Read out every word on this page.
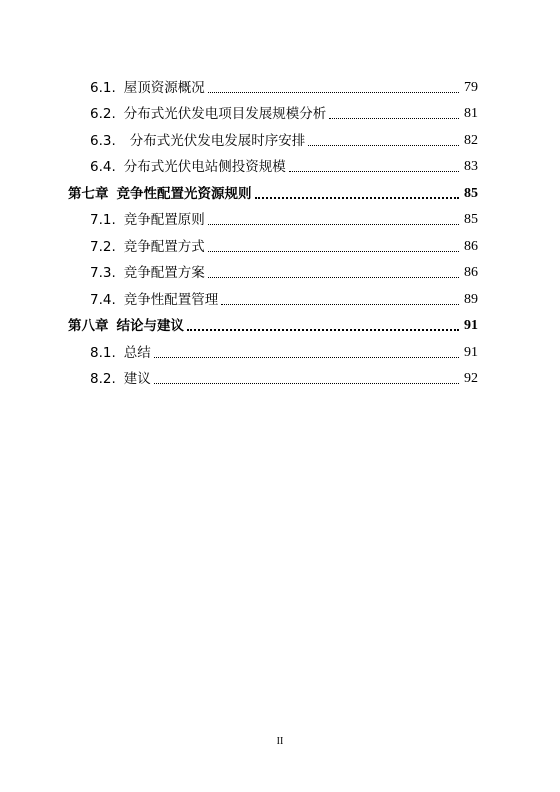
6.1. 屋顶资源概况	79
6.2. 分布式光伏发电项目发展规模分析	81
6.3. 分布式光伏发电发展时序安排	82
6.4. 分布式光伏电站侧投资规模	83
第七章 竞争性配置光资源规则	85
7.1. 竞争配置原则	85
7.2. 竞争配置方式	86
7.3. 竞争配置方案	86
7.4. 竞争性配置管理	89
第八章 结论与建议	91
8.1. 总结	91
8.2. 建议	92
II
